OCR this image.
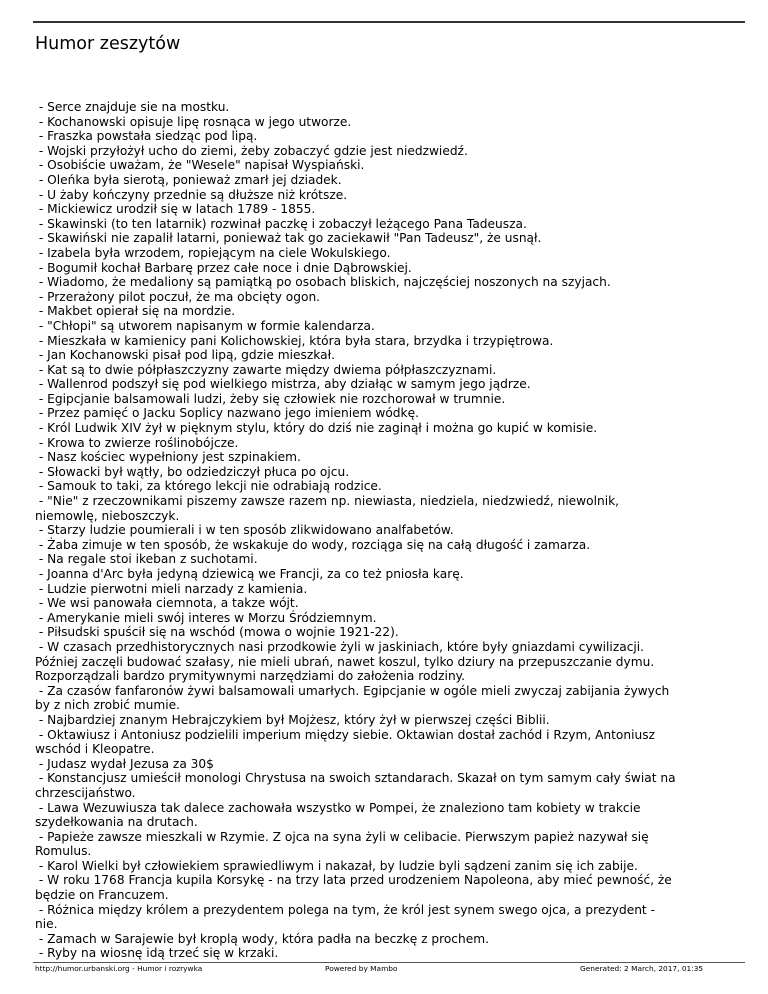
Humor zeszytów

- Serce znajduje sie na mostku.

- Kochanowski opisuje lipę rosnąca w jego utworze.

- Fraszka powstała siedząc pod lipą.

- Wojski przyłożył ucho do ziemi, żeby zobaczyć gdzie jest niedzwiedź.

- Osobiście uważam, że "Wesele" napisał Wyspiański.

- Oleńka była sierotą, ponieważ zmarł jej dziadek.

- U żaby kończyny przednie są dłuższe niż krótsze.

- Mickiewicz urodził się w latach 1789 - 1855.

- Skawinski (to ten latarnik) rozwinał paczkę i zobaczył leżącego Pana Tadeusza.

- Skawiński nie zapalił latarni, ponieważ tak go zaciekawił "Pan Tadeusz", że usnął.

- Izabela była wrzodem, ropiejącym na ciele Wokulskiego.

- Bogumił kochał Barbarę przez całe noce i dnie Dąbrowskiej.

- Wiadomo, że medaliony są pamiątką po osobach bliskich, najczęściej noszonych na szyjach.

- Przerażony pilot poczuł, że ma obcięty ogon.

- Makbet opierał się na mordzie.

- "Chłopi" są utworem napisanym w formie kalendarza.

- Mieszkała w kamienicy pani Kolichowskiej, która była stara, brzydka i trzypiętrowa.

- Jan Kochanowski pisał pod lipą, gdzie mieszkał.

- Kat są to dwie półpłaszczyzny zawarte między dwiema półpłaszczyznami.

- Wallenrod podszył się pod wielkiego mistrza, aby działąc w samym jego jądrze.

- Egipcjanie balsamowali ludzi, żeby się człowiek nie rozchorował w trumnie.

- Przez pamięć o Jacku Soplicy nazwano jego imieniem wódkę.

- Król Ludwik XIV żył w pięknym stylu, który do dziś nie zaginął i można go kupić w komisie.

- Krowa to zwierze roślinobójcze.

- Nasz kościec wypełniony jest szpinakiem.

- Słowacki był wątły, bo odziedziczył płuca po ojcu.

- Samouk to taki, za którego lekcji nie odrabiają rodzice.

- "Nie" z rzeczownikami piszemy zawsze razem np. niewiasta, niedziela, niedzwiedź, niewolnik,
niemowlę, nieboszczyk.

- Starzy ludzie poumierali i w ten sposób zlikwidowano analfabetów.

- Żaba zimuje w ten sposób, że wskakuje do wody, rozciąga się na całą długość i zamarza.

- Na regale stoi ikeban z suchotami.

- Joanna d'Arc była jedyną dziewicą we Francji, za co też pniosła karę.

- Ludzie pierwotni mieli narzady z kamienia.

- We wsi panowała ciemnota, a takze wójt.

- Amerykanie mieli swój interes w Morzu Śródziemnym.

- Piłsudski spuścił się na wschód (mowa o wojnie 1921-22).

- W czasach przedhistorycznych nasi przodkowie żyli w jaskiniach, które były gniazdami cywilizacji.
Później zaczęli budować szałasy, nie mieli ubrań, nawet koszul, tylko dziury na przepuszczanie dymu.
Rozporządzali bardzo prymitywnymi narzędziami do założenia rodziny.

- Za czasów fanfaronów żywi balsamowali umarłych. Egipcjanie w ogóle mieli zwyczaj zabijania żywych
by z nich zrobić mumie.

- Najbardziej znanym Hebrajczykiem był Mojżesz, który żył w pierwszej części Biblii.

- Oktawiusz i Antoniusz podzielili imperium między siebie. Oktawian dostał zachód i Rzym, Antoniusz
wschód i Kleopatre.

- Judasz wydał Jezusa za 30$

- Konstancjusz umieścił monologi Chrystusa na swoich sztandarach. Skazał on tym samym cały świat na
chrzescijaństwo.

- Lawa Wezuwiusza tak dalece zachowała wszystko w Pompei, że znaleziono tam kobiety w trakcie
szydełkowania na drutach.

- Papieże zawsze mieszkali w Rzymie. Z ojca na syna żyli w celibacie. Pierwszym papież nazywał się
Romulus.

- Karol Wielki był człowiekiem sprawiedliwym i nakazał, by ludzie byli sądzeni zanim się ich zabije.

- W roku 1768 Francja kupila Korsykę - na trzy lata przed urodzeniem Napoleona, aby mieć pewność, że
będzie on Francuzem.

- Różnica między królem a prezydentem polega na tym, że król jest synem swego ojca, a prezydent -
nie.

- Zamach w Sarajewie był kroplą wody, która padła na beczkę z prochem.

- Ryby na wiosnę idą trzeć się w krzaki.

http://humor.urbanski.org - Humor i rozrywka	Powered by Mambo	Generated: 2 March, 2017, 01:35
